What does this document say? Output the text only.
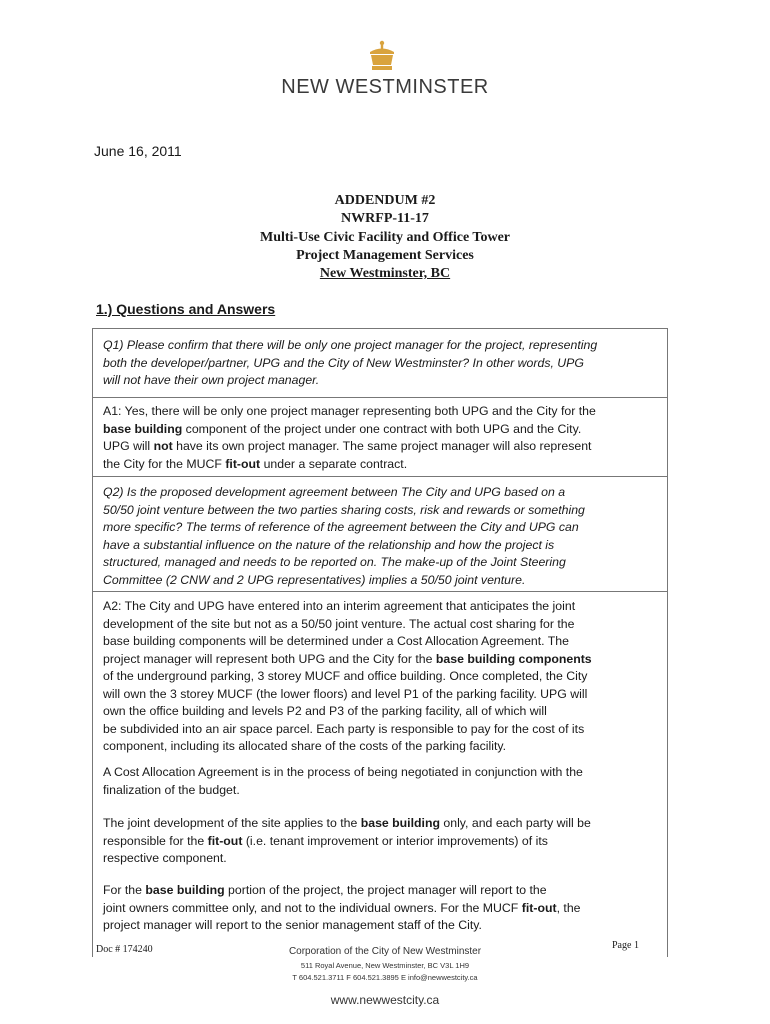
NEW WESTMINSTER
June 16, 2011
ADDENDUM #2
NWRFP-11-17
Multi-Use Civic Facility and Office Tower
Project Management Services
New Westminster, BC
1.) Questions and Answers
Q1) Please confirm that there will be only one project manager for the project, representing
both the developer/partner, UPG and the City of New Westminster? In other words, UPG
will not have their own project manager.
A1: Yes, there will be only one project manager representing both UPG and the City for the
base building component of the project under one contract with both UPG and the City.
UPG will not have its own project manager. The same project manager will also represent
the City for the MUCF fit-out under a separate contract.
Q2) Is the proposed development agreement between The City and UPG based on a
50/50 joint venture between the two parties sharing costs, risk and rewards or something
more specific? The terms of reference of the agreement between the City and UPG can
have a substantial influence on the nature of the relationship and how the project is
structured, managed and needs to be reported on. The make-up of the Joint Steering
Committee (2 CNW and 2 UPG representatives) implies a 50/50 joint venture.
A2: The City and UPG have entered into an interim agreement that anticipates the joint
development of the site but not as a 50/50 joint venture. The actual cost sharing for the
base building components will be determined under a Cost Allocation Agreement. The
project manager will represent both UPG and the City for the base building components
of the underground parking, 3 storey MUCF and office building. Once completed, the City
will own the 3 storey MUCF (the lower floors) and level P1 of the parking facility. UPG will
own the office building and levels P2 and P3 of the parking facility, all of which will
be subdivided into an air space parcel. Each party is responsible to pay for the cost of its
component, including its allocated share of the costs of the parking facility.
A Cost Allocation Agreement is in the process of being negotiated in conjunction with the
finalization of the budget.
The joint development of the site applies to the base building only, and each party will be
responsible for the fit-out (i.e. tenant improvement or interior improvements) of its
respective component.
For the base building portion of the project, the project manager will report to the
joint owners committee only, and not to the individual owners. For the MUCF fit-out, the
project manager will report to the senior management staff of the City.
Doc # 174240	Page 1
Corporation of the City of New Westminster
511 Royal Avenue, New Westminster, BC V3L 1H9
T 604.521.3711 F 604.521.3895 E info@newwestcity.ca
www.newwestcity.ca
